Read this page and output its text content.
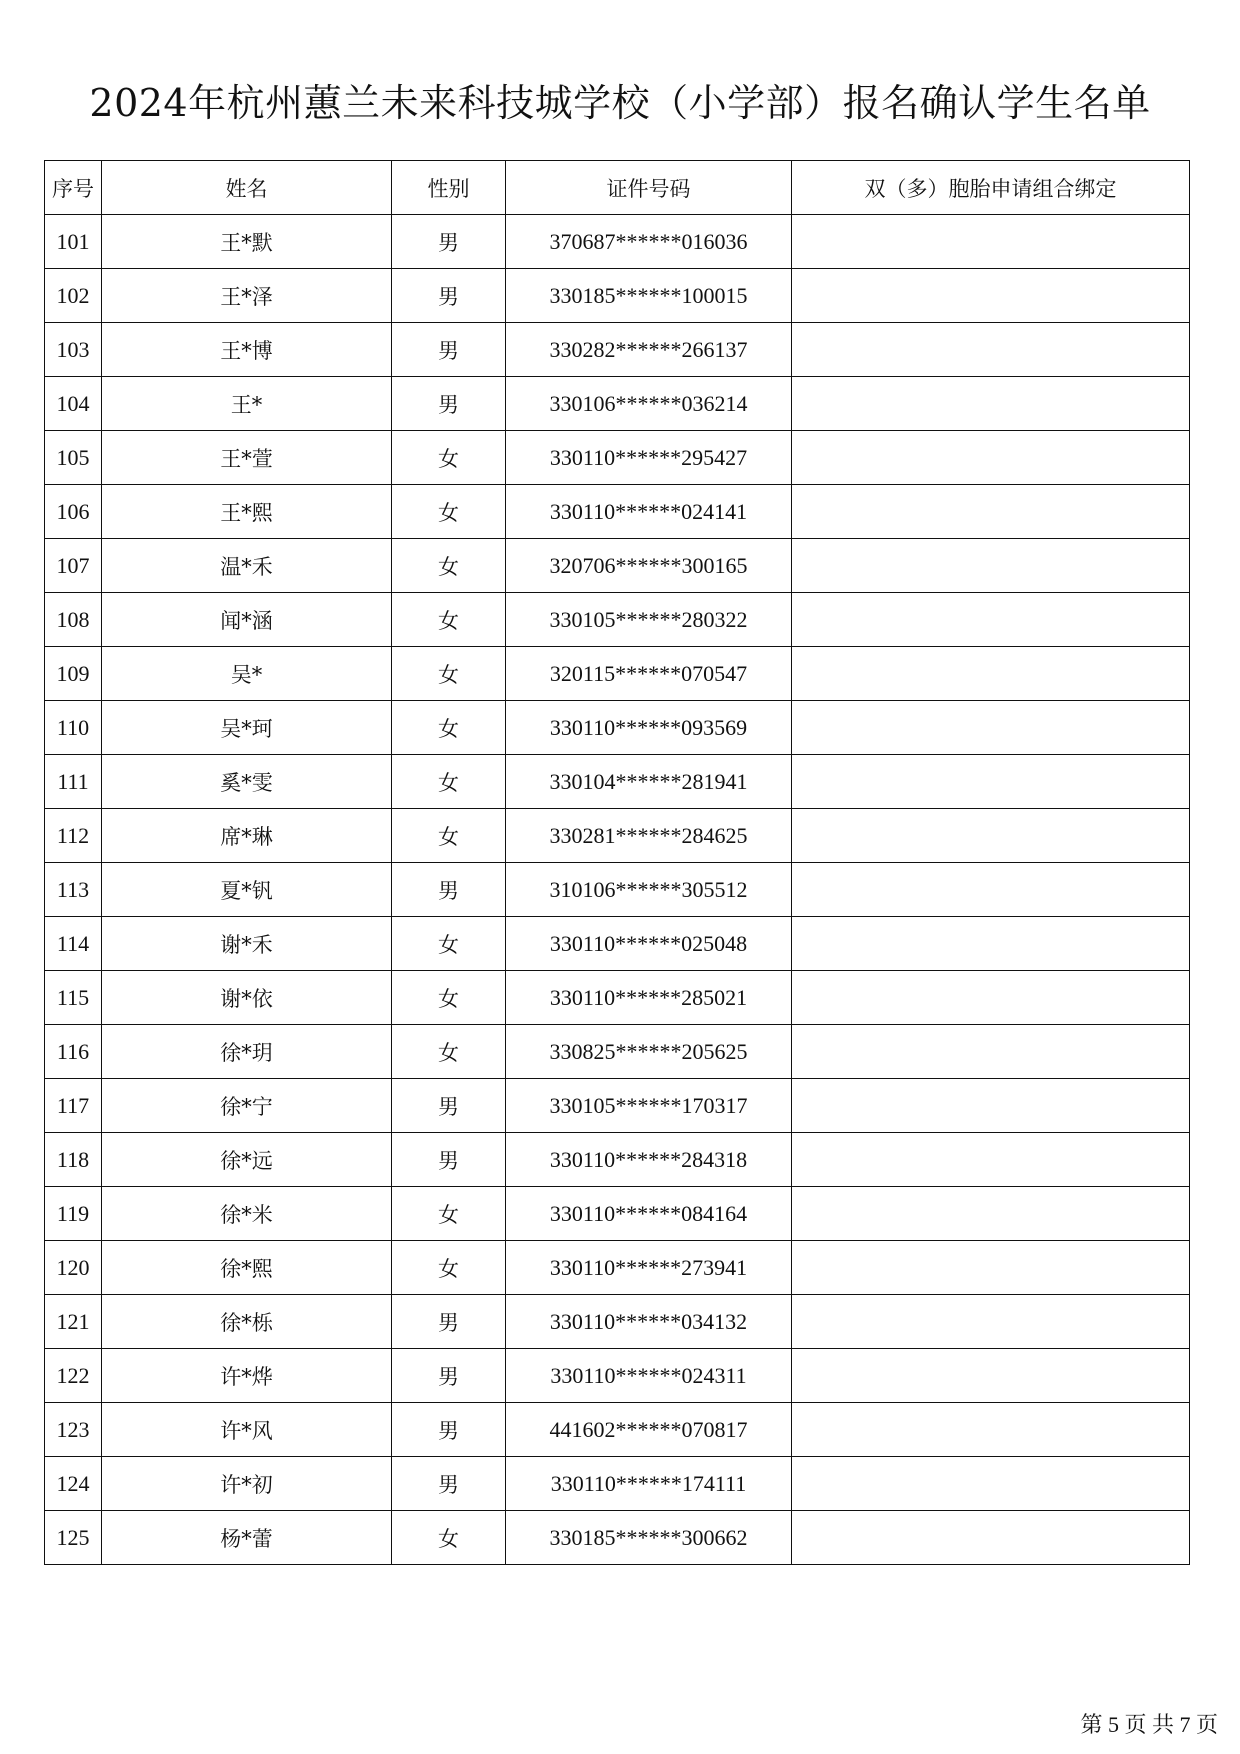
2024年杭州蕙兰未来科技城学校（小学部）报名确认学生名单
序号	姓名	性别	证件号码	双（多）胞胎申请组合绑定
101	王*默	男	370687******016036	
102	王*泽	男	330185******100015	
103	王*博	男	330282******266137	
104	王*	男	330106******036214	
105	王*萱	女	330110******295427	
106	王*熙	女	330110******024141	
107	温*禾	女	320706******300165	
108	闻*涵	女	330105******280322	
109	吴*	女	320115******070547	
110	吴*珂	女	330110******093569	
111	奚*雯	女	330104******281941	
112	席*琳	女	330281******284625	
113	夏*钒	男	310106******305512	
114	谢*禾	女	330110******025048	
115	谢*依	女	330110******285021	
116	徐*玥	女	330825******205625	
117	徐*宁	男	330105******170317	
118	徐*远	男	330110******284318	
119	徐*米	女	330110******084164	
120	徐*熙	女	330110******273941	
121	徐*栎	男	330110******034132	
122	许*烨	男	330110******024311	
123	许*风	男	441602******070817	
124	许*初	男	330110******174111	
125	杨*蕾	女	330185******300662	
第 5 页 共 7 页
